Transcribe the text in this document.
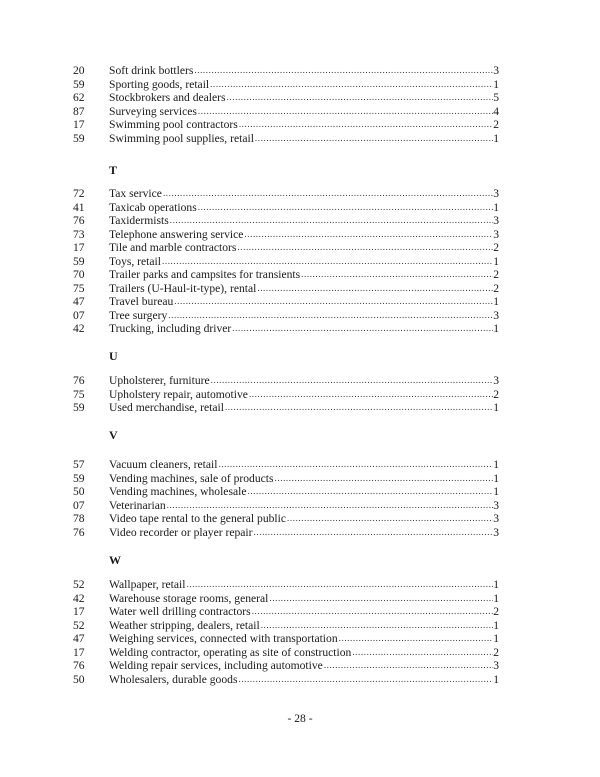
20	Soft drink bottlers .....	3
59	Sporting goods, retail .....	1
62	Stockbrokers and dealers .....	5
87	Surveying services .....	4
17	Swimming pool contractors .....	2
59	Swimming pool supplies, retail .....	1
T
72	Tax service .....	3
41	Taxicab operations .....	1
76	Taxidermists .....	3
73	Telephone answering service .....	3
17	Tile and marble contractors .....	2
59	Toys, retail .....	1
70	Trailer parks and campsites for transients .....	2
75	Trailers (U-Haul-it-type), rental .....	2
47	Travel bureau .....	1
07	Tree surgery .....	3
42	Trucking, including driver .....	1
U
76	Upholsterer, furniture .....	3
75	Upholstery repair, automotive .....	2
59	Used merchandise, retail .....	1
V
57	Vacuum cleaners, retail .....	1
59	Vending machines, sale of products .....	1
50	Vending machines, wholesale .....	1
07	Veterinarian .....	3
78	Video tape rental to the general public .....	3
76	Video recorder or player repair .....	3
W
52	Wallpaper, retail .....	1
42	Warehouse storage rooms, general .....	1
17	Water well drilling contractors .....	2
52	Weather stripping, dealers, retail .....	1
47	Weighing services, connected with transportation .....	1
17	Welding contractor, operating as site of construction .....	2
76	Welding repair services, including automotive .....	3
50	Wholesalers, durable goods .....	1
- 28 -
